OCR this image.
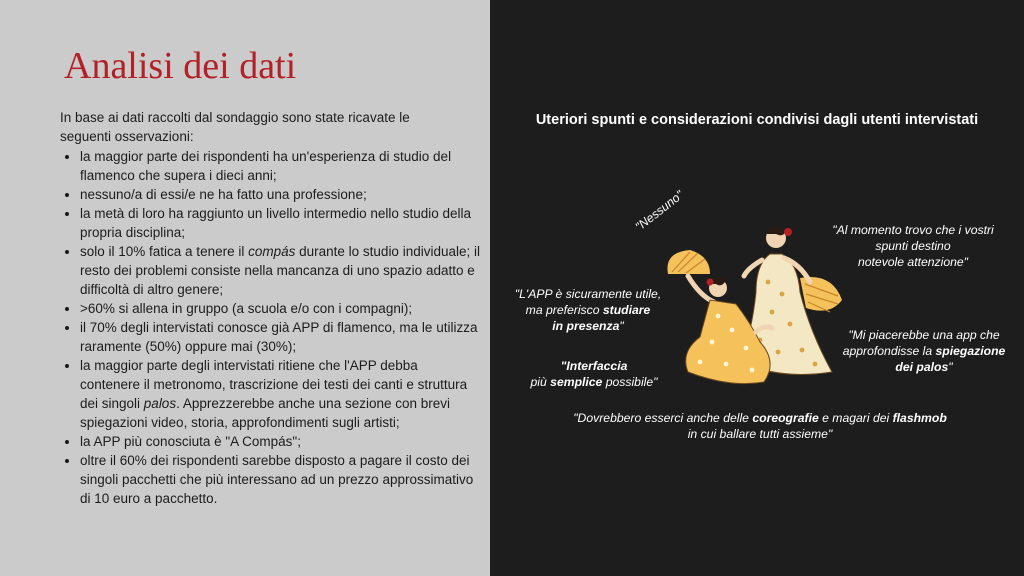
Analisi dei dati

In base ai dati raccolti dal sondaggio sono state ricavate le seguenti osservazioni:

• la maggior parte dei rispondenti ha un'esperienza di studio del flamenco che supera i dieci anni;
• nessuno/a di essi/e ne ha fatto una professione;
• la metà di loro ha raggiunto un livello intermedio nello studio della propria disciplina;
• solo il 10% fatica a tenere il compás durante lo studio individuale; il resto dei problemi consiste nella mancanza di uno spazio adatto e difficoltà di altro genere;
• >60% si allena in gruppo (a scuola e/o con i compagni);
• il 70% degli intervistati conosce già APP di flamenco, ma le utilizza raramente (50%) oppure mai (30%);
• la maggior parte degli intervistati ritiene che l'APP debba contenere il metronomo, trascrizione dei testi dei canti e struttura dei singoli palos. Apprezzerebbe anche una sezione con brevi spiegazioni video, storia, approfondimenti sugli artisti;
• la APP più conosciuta è "A Compás";
• oltre il 60% dei rispondenti sarebbe disposto a pagare il costo dei singoli pacchetti che più interessano ad un prezzo approssimativo di 10 euro a pacchetto.
Uteriori spunti e considerazioni condivisi dagli utenti intervistati

"Nessuno"	"Al momento trovo che i vostri
spunti destino
notevole attenzione"

"L'APP è sicuramente utile,
ma preferisco studiare
in presenza"

"Mi piacerebbe una app che
approfondisse la spiegazione
dei palos"

"Interfaccia
più semplice possibile"

"Dovrebbero esserci anche delle coreografie e magari dei flashmob
in cui ballare tutti assieme"
